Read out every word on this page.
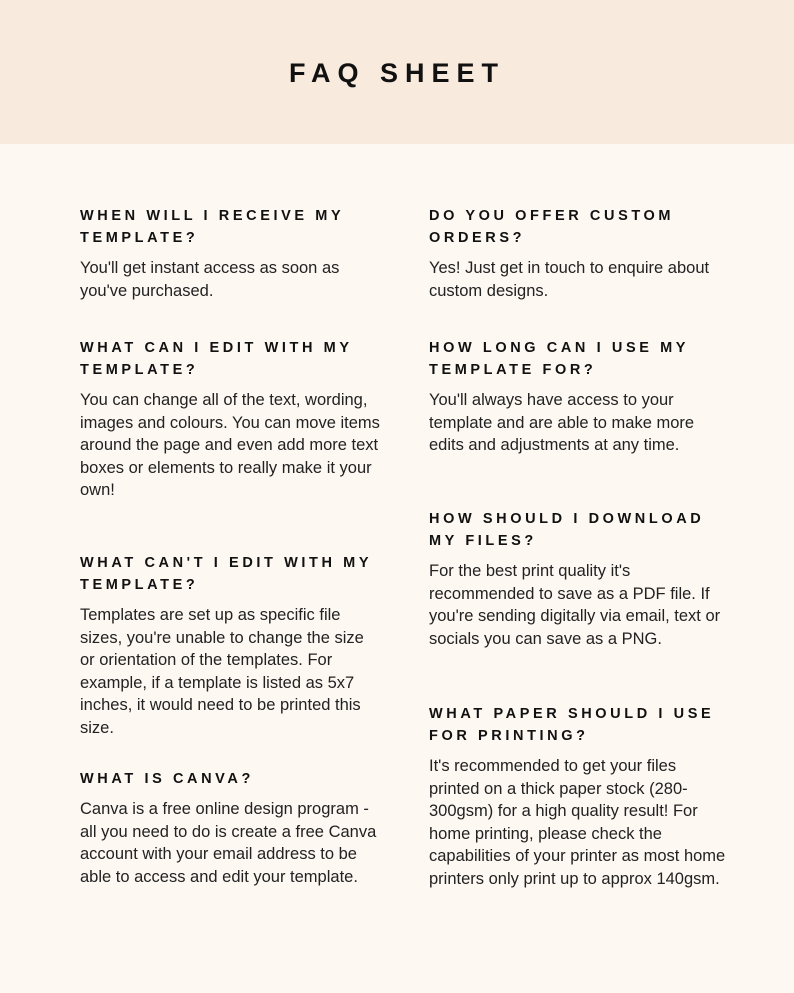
FAQ SHEET
WHEN WILL I RECEIVE MY TEMPLATE?

You'll get instant access as soon as you've purchased.

WHAT CAN I EDIT WITH MY TEMPLATE?

You can change all of the text, wording, images and colours. You can move items around the page and even add more text boxes or elements to really make it your own!

WHAT CAN'T I EDIT WITH MY TEMPLATE?

Templates are set up as specific file sizes, you're unable to change the size or orientation of the templates. For example, if a template is listed as 5x7 inches, it would need to be printed this size.

WHAT IS CANVA?

Canva is a free online design program - all you need to do is create a free Canva account with your email address to be able to access and edit your template.

DO YOU OFFER CUSTOM ORDERS?

Yes! Just get in touch to enquire about custom designs.

HOW LONG CAN I USE MY TEMPLATE FOR?

You'll always have access to your template and are able to make more edits and adjustments at any time.

HOW SHOULD I DOWNLOAD MY FILES?

For the best print quality it's recommended to save as a PDF file. If you're sending digitally via email, text or socials you can save as a PNG.

WHAT PAPER SHOULD I USE FOR PRINTING?

It's recommended to get your files printed on a thick paper stock (280-300gsm) for a high quality result! For home printing, please check the capabilities of your printer as most home printers only print up to approx 140gsm.
